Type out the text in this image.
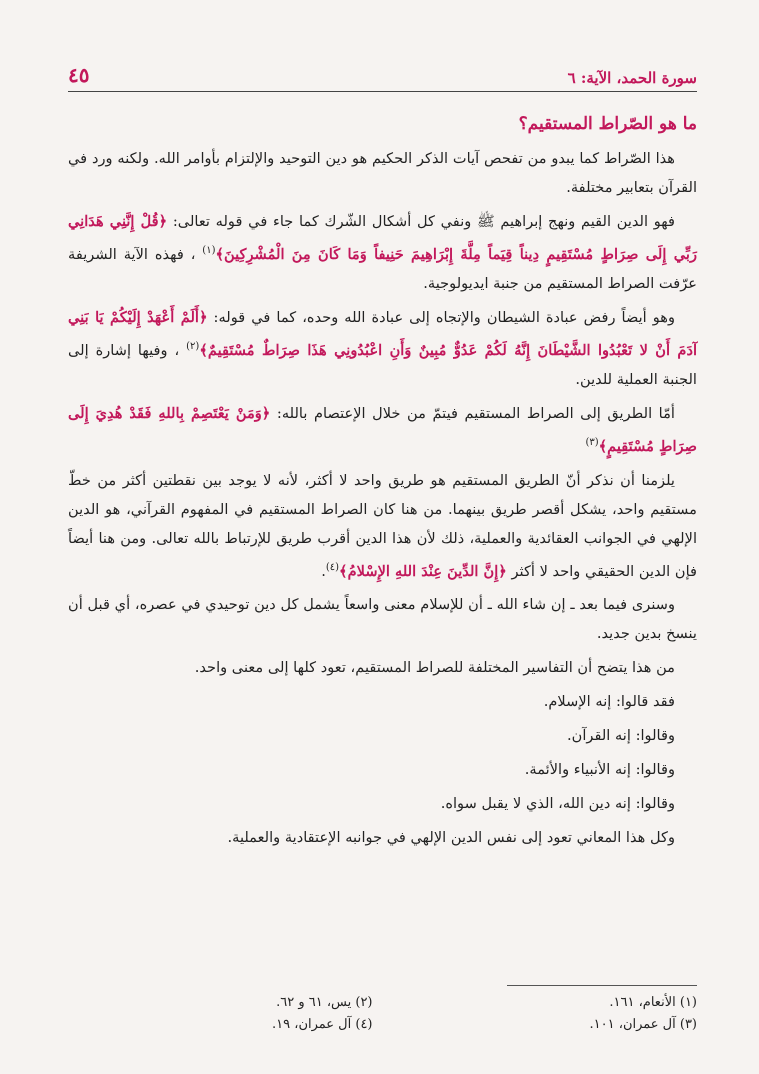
سورة الحمد، الآية: ٦
٤٥

ما هو الصّراط المستقيم؟

هذا الصّراط كما يبدو من تفحص آيات الذكر الحكيم هو دين التوحيد والإلتزام بأوامر الله. ولكنه ورد في القرآن بتعابير مختلفة.

فهو الدين القيم ونهج إبراهيم ﷺ ونفي كل أشكال الشّرك كما جاء في قوله تعالى: ﴿قُلْ إِنَّنِي هَدَانِي رَبِّي إِلَى صِرَاطٍ مُسْتَقِيمٍ دِيناً قِيَماً مِلَّةَ إِبْرَاهِيمَ حَنِيفاً وَمَا كَانَ مِنَ الْمُشْرِكِينَ﴾$^{(١)}$ ، فهذه الآية الشريفة عرّفت الصراط المستقيم من جنبة ايديولوجية.

وهو أيضاً رفض عبادة الشيطان والإتجاه إلى عبادة الله وحده، كما في قوله: ﴿أَلَمْ أَعْهَدْ إِلَيْكُمْ يَا بَنِي آدَمَ أَنْ لا تَعْبُدُوا الشَّيْطَانَ إِنَّهُ لَكُمْ عَدُوٌّ مُبِينٌ وَأَنِ اعْبُدُونِي هَذَا صِرَاطٌ مُسْتَقِيمٌ﴾$^{(٢)}$ ، وفيها إشارة إلى الجنبة العملية للدين.

أمّا الطريق إلى الصراط المستقيم فيتمّ من خلال الإعتصام بالله: ﴿وَمَنْ يَعْتَصِمْ بِاللهِ فَقَدْ هُدِيَ إِلَى صِرَاطٍ مُسْتَقِيمٍ﴾$^{(٣)}$

يلزمنا أن نذكر أنّ الطريق المستقيم هو طريق واحد لا أكثر، لأنه لا يوجد بين نقطتين أكثر من خطّ مستقيم واحد، يشكل أقصر طريق بينهما. من هنا كان الصراط المستقيم في المفهوم القرآني، هو الدين الإلهي في الجوانب العقائدية والعملية، ذلك لأن هذا الدين أقرب طريق للإرتباط بالله تعالى. ومن هنا أيضاً فإن الدين الحقيقي واحد لا أكثر ﴿إِنَّ الدِّينَ عِنْدَ اللهِ الإِسْلامُ﴾$^{(٤)}$.

وسنرى فيما بعد ـ إن شاء الله ـ أن للإسلام معنى واسعاً يشمل كل دين توحيدي في عصره، أي قبل أن ينسخ بدين جديد.

من هذا يتضح أن التفاسير المختلفة للصراط المستقيم، تعود كلها إلى معنى واحد.

فقد قالوا: إنه الإسلام.

وقالوا: إنه القرآن.

وقالوا: إنه الأنبياء والأئمة.

وقالوا: إنه دين الله، الذي لا يقبل سواه.

وكل هذا المعاني تعود إلى نفس الدين الإلهي في جوانبه الإعتقادية والعملية.

(١) الأنعام، ١٦١.
(٢) يس، ٦١ و ٦٢.
(٣) آل عمران، ١٠١.
(٤) آل عمران، ١٩.
